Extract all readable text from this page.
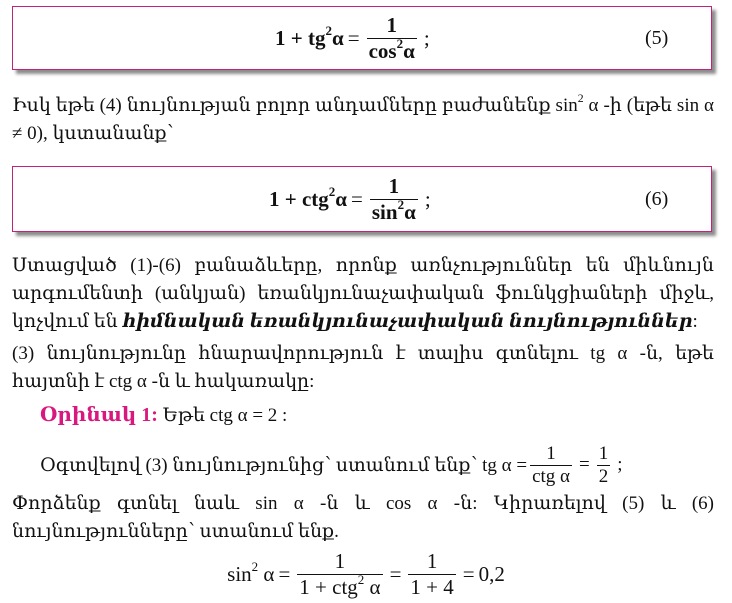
$1 + tg^2\alpha = \frac{1}{\cos^2\alpha}$ ;	(5)
Իսկ եթե (4) նույնության բոլոր անդամները բաժանենք $\sin^2 \alpha$ -ի (եթե sin α ≠ 0), կստանանք՝
$1 + ctg^2\alpha = \frac{1}{\sin^2\alpha}$ ;	(6)
Ստացված (1)-(6) բանաձևերը, որոնք առնչություններ են միևնույն արգումենտի (անկյան) եռանկյունաչափական ֆունկցիաների միջև, կոչվում են հիմնական եռանկյունաչափական նույնություններ:
(3) նույնությունը հնարավորություն է տալիս գտնելու tg α -ն, եթե հայտնի է ctg α -ն և հակառակը:
Օրինակ 1: Եթե ctg α = 2 :
Օգտվելով (3) նույնությունից՝ ստանում ենք՝ tg $\alpha = \frac{1}{\text{ctg α}} = \frac{1}{2}$ ;
Փորձենք գտնել նաև sin α -ն և cos α -ն: Կիրառելով (5) և (6) նույնությունները՝ ստանում ենք.
$\sin^2 \alpha = \frac{1}{1 + ctg^2 \alpha} = \frac{1}{1 + 4} = 0,2$
